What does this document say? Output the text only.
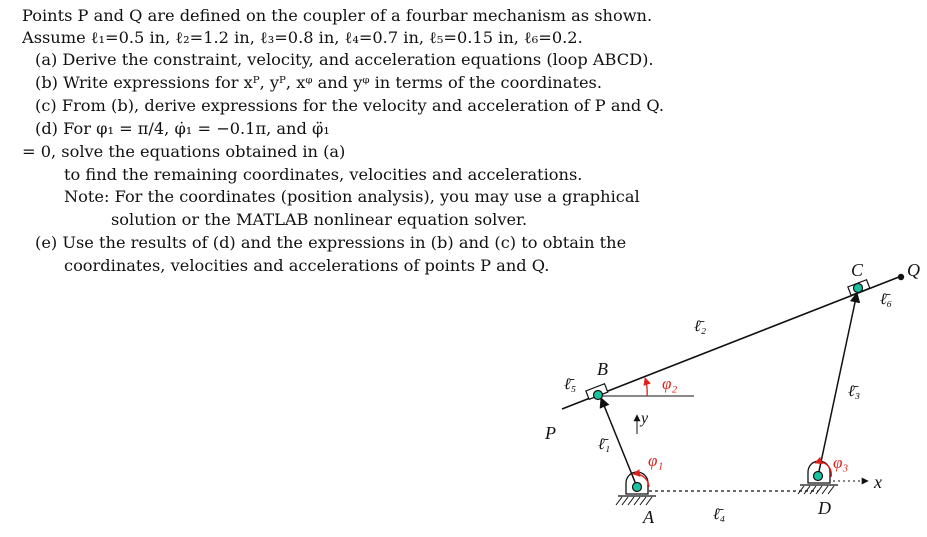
Points P and Q are defined on the coupler of a fourbar mechanism as shown.
Assume ℓ₁=0.5 in, ℓ₂=1.2 in, ℓ₃=0.8 in, ℓ₄=0.7 in, ℓ₅=0.15 in, ℓ₆=0.2.
(a) Derive the constraint, velocity, and acceleration equations (loop ABCD).
(b) Write expressions for xᴾ, yᴾ, xᵠ and yᵠ in terms of the coordinates.
(c) From (b), derive expressions for the velocity and acceleration of P and Q.
(d) For φ₁ = π/4, φ̇₁ = −0.1π, and φ̈₁
= 0, solve the equations obtained in (a)
to find the remaining coordinates, velocities and accelerations.
Note: For the coordinates (position analysis), you may use a graphical
solution or the MATLAB nonlinear equation solver.
(e) Use the results of (d) and the expressions in (b) and (c) to obtain the
coordinates, velocities and accelerations of points P and Q.
A
B
C
D
P
Q
x
y
ℓ̄₁
ℓ̄₂
ℓ̄₃
ℓ̄₄
ℓ̄₅
ℓ̄₆
φ₁
φ₂
φ₃
